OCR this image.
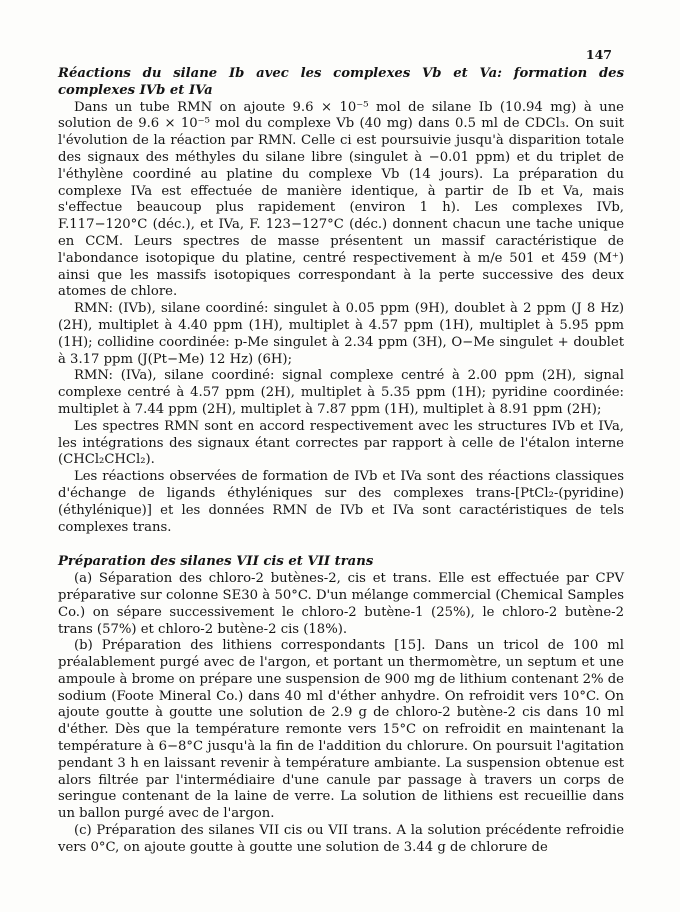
147
Réactions du silane Ib avec les complexes Vb et Va: formation des complexes IVb et IVa

Dans un tube RMN on ajoute 9.6 × 10⁻⁵ mol de silane Ib (10.94 mg) à une solution de 9.6 × 10⁻⁵ mol du complexe Vb (40 mg) dans 0.5 ml de CDCl₃. On suit l'évolution de la réaction par RMN. Celle ci est poursuivie jusqu'à disparition totale des signaux des méthyles du silane libre (singulet à −0.01 ppm) et du triplet de l'éthylène coordiné au platine du complexe Vb (14 jours). La préparation du complexe IVa est effectuée de manière identique, à partir de Ib et Va, mais s'effectue beaucoup plus rapidement (environ 1 h). Les complexes IVb, F.117−120°C (déc.), et IVa, F. 123−127°C (déc.) donnent chacun une tache unique en CCM. Leurs spectres de masse présentent un massif caractéristique de l'abondance isotopique du platine, centré respectivement à m/e 501 et 459 (M⁺) ainsi que les massifs isotopiques correspondant à la perte successive des deux atomes de chlore.

RMN: (IVb), silane coordiné: singulet à 0.05 ppm (9H), doublet à 2 ppm (J 8 Hz) (2H), multiplet à 4.40 ppm (1H), multiplet à 4.57 ppm (1H), multiplet à 5.95 ppm (1H); collidine coordinée: p-Me singulet à 2.34 ppm (3H), O−Me singulet + doublet à 3.17 ppm (J(Pt−Me) 12 Hz) (6H);

RMN: (IVa), silane coordiné: signal complexe centré à 2.00 ppm (2H), signal complexe centré à 4.57 ppm (2H), multiplet à 5.35 ppm (1H); pyridine coordinée: multiplet à 7.44 ppm (2H), multiplet à 7.87 ppm (1H), multiplet à 8.91 ppm (2H);

Les spectres RMN sont en accord respectivement avec les structures IVb et IVa, les intégrations des signaux étant correctes par rapport à celle de l'étalon interne (CHCl₂CHCl₂).

Les réactions observées de formation de IVb et IVa sont des réactions classiques d'échange de ligands éthyléniques sur des complexes trans-[PtCl₂-(pyridine)(éthylénique)] et les données RMN de IVb et IVa sont caractéristiques de tels complexes trans.

Préparation des silanes VII cis et VII trans

(a) Séparation des chloro-2 butènes-2, cis et trans. Elle est effectuée par CPV préparative sur colonne SE30 à 50°C. D'un mélange commercial (Chemical Samples Co.) on sépare successivement le chloro-2 butène-1 (25%), le chloro-2 butène-2 trans (57%) et chloro-2 butène-2 cis (18%).

(b) Préparation des lithiens correspondants [15]. Dans un tricol de 100 ml préalablement purgé avec de l'argon, et portant un thermomètre, un septum et une ampoule à brome on prépare une suspension de 900 mg de lithium contenant 2% de sodium (Foote Mineral Co.) dans 40 ml d'éther anhydre. On refroidit vers 10°C. On ajoute goutte à goutte une solution de 2.9 g de chloro-2 butène-2 cis dans 10 ml d'éther. Dès que la température remonte vers 15°C on refroidit en maintenant la température à 6−8°C jusqu'à la fin de l'addition du chlorure. On poursuit l'agitation pendant 3 h en laissant revenir à température ambiante. La suspension obtenue est alors filtrée par l'intermédiaire d'une canule par passage à travers un corps de seringue contenant de la laine de verre. La solution de lithiens est recueillie dans un ballon purgé avec de l'argon.

(c) Préparation des silanes VII cis ou VII trans. A la solution précédente refroidie vers 0°C, on ajoute goutte à goutte une solution de 3.44 g de chlorure de
